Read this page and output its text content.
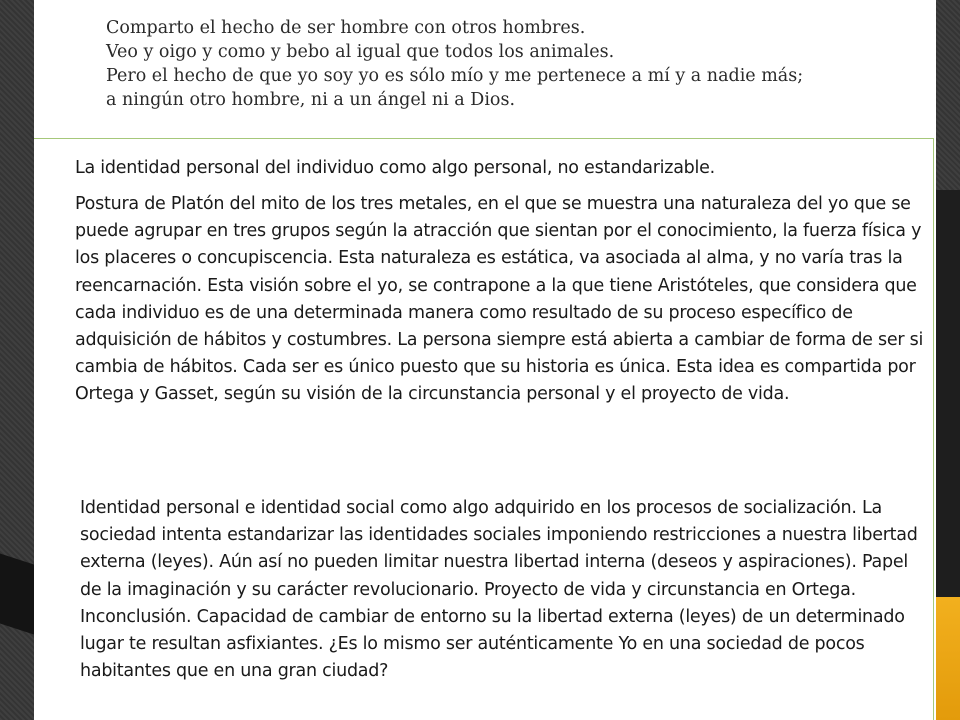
Comparto el hecho de ser hombre con otros hombres.
Veo y oigo y como y bebo al igual que todos los animales.
Pero el hecho de que yo soy yo es sólo mío y me pertenece a mí y a nadie más;
a ningún otro hombre, ni a un ángel ni a Dios.
La identidad personal del individuo como algo personal, no estandarizable.
Postura de Platón del mito de los tres metales, en el que se muestra una naturaleza del yo que se puede agrupar en tres grupos según la atracción que sientan por el conocimiento, la fuerza física y los placeres o concupiscencia. Esta naturaleza es estática, va asociada al alma, y no varía tras la reencarnación. Esta visión sobre el yo, se contrapone a la que tiene Aristóteles, que considera que cada individuo es de una determinada manera como resultado de su proceso específico de adquisición de hábitos y costumbres. La persona siempre está abierta a cambiar de forma de ser si cambia de hábitos. Cada ser es único puesto que su historia es única. Esta idea es compartida por Ortega y Gasset, según su visión de la circunstancia personal y el proyecto de vida.
Identidad personal e identidad social como algo adquirido en los procesos de socialización. La sociedad intenta estandarizar las identidades sociales imponiendo restricciones a nuestra libertad externa (leyes). Aún así no pueden limitar nuestra libertad interna (deseos y aspiraciones). Papel de la imaginación y su carácter revolucionario. Proyecto de vida y circunstancia en Ortega. Inconclusión. Capacidad de cambiar de entorno su la libertad externa (leyes) de un determinado lugar te resultan asfixiantes. ¿Es lo mismo ser auténticamente Yo en una sociedad de pocos habitantes que en una gran ciudad?
